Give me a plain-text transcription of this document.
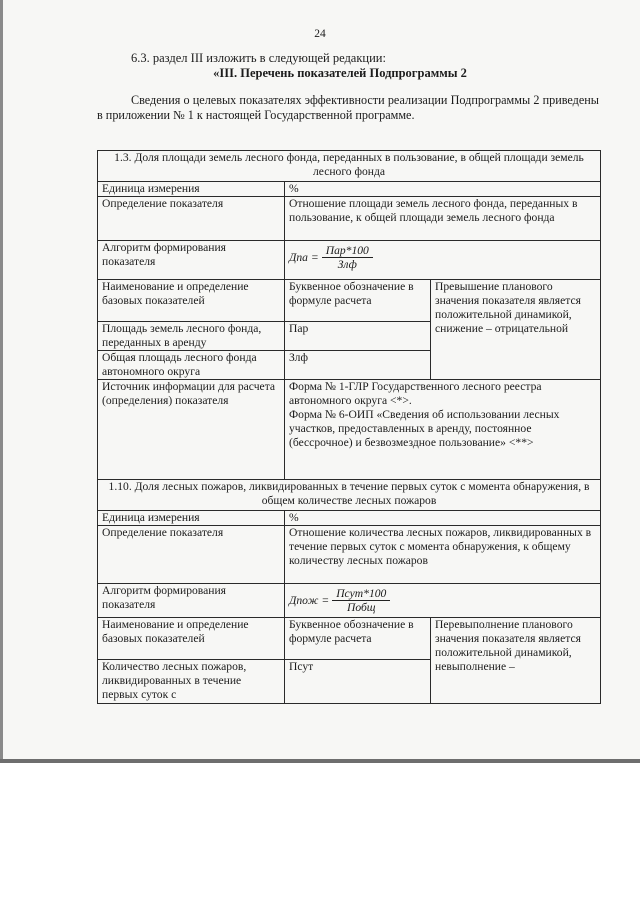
24
6.3. раздел III изложить в следующей редакции:
«III. Перечень показателей Подпрограммы 2
Сведения о целевых показателях эффективности реализации Подпрограммы 2 приведены в приложении № 1 к настоящей Государственной программе.
1.3. Доля площади земель лесного фонда, переданных в пользование, в общей площади земель лесного фонда		
Единица измерения	%	
Определение показателя	Отношение площади земель лесного фонда, переданных в пользование, к общей площади земель лесного фонда	
Алгоритм формирования показателя	Дпа =
Пар*100
Злф	

Наименование и определение базовых показателей	Буквенное обозначение в формуле расчета	Превышение планового значения показателя является положительной динамикой, снижение – отрицательной
Площадь земель лесного фонда, переданных в аренду	Пар	
Общая площадь лесного фонда автономного округа	Злф	
Источник информации для расчета (определения) показателя	Форма № 1-ГЛР Государственного лесного реестра автономного округа <*>.
Форма № 6-ОИП «Сведения об использовании лесных участков, предоставленных в аренду, постоянное (бессрочное) и безвозмездное пользование» <**>	

1.10. Доля лесных пожаров, ликвидированных в течение первых суток с момента обнаружения, в общем количестве лесных пожаров		
Единица измерения	%	
Определение показателя	Отношение количества лесных пожаров, ликвидированных в течение первых суток с момента обнаружения, к общему количеству лесных пожаров	
Алгоритм формирования показателя	Дпож =
Псут*100
Побщ	

Наименование и определение базовых показателей	Буквенное обозначение в формуле расчета	Перевыполнение планового значения показателя является положительной динамикой, невыполнение –
Количество лесных пожаров, ликвидированных в течение первых суток с	Псут	
